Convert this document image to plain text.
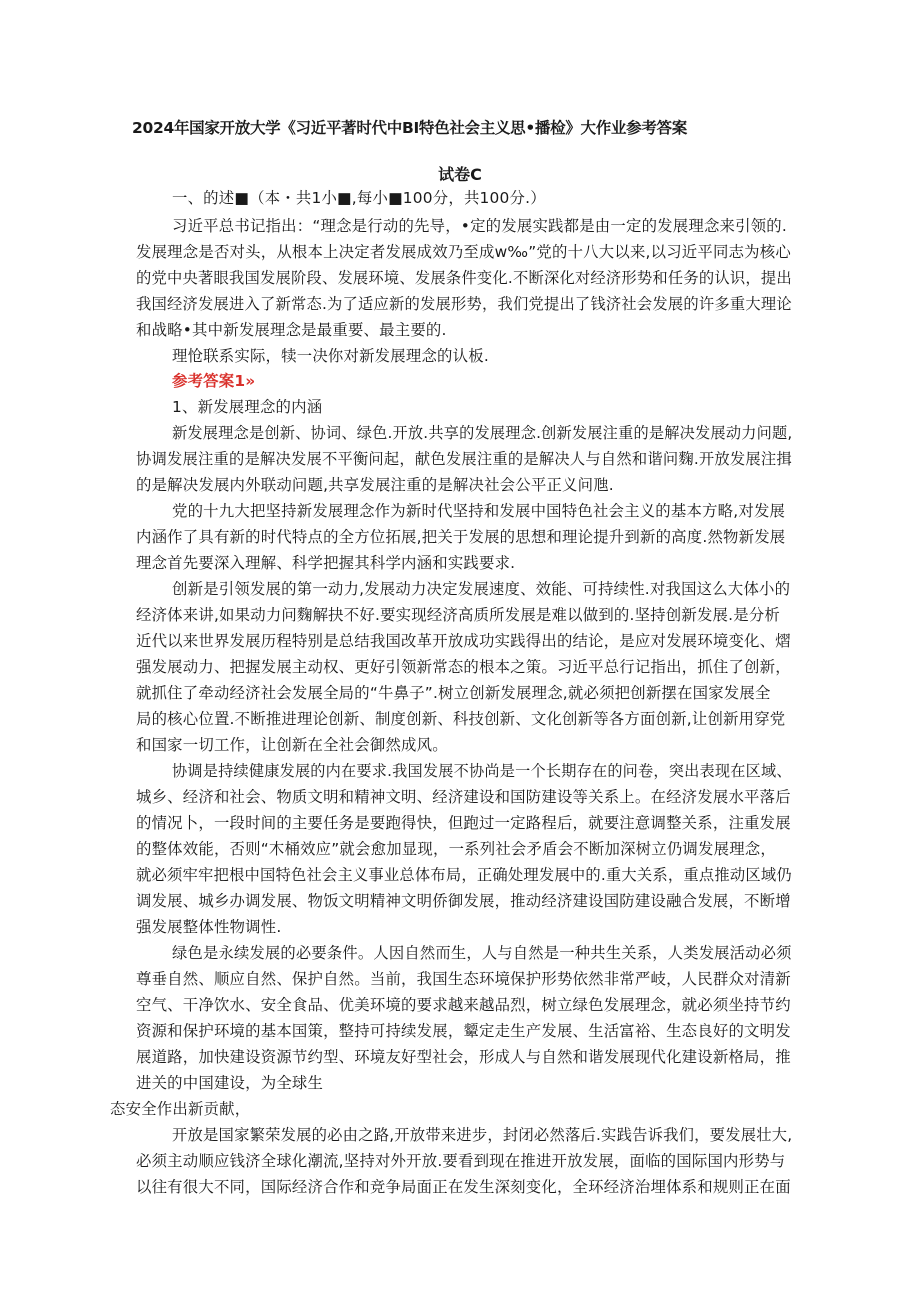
2024年国家开放大学《习近平著时代中BI特色社会主义思•播检》大作业参考答案
试卷C
一、的述■（本・共1小■,每小■100分，共100分.）
习近平总书记指出：“理念是行动的先导，•定的发展实践都是由一定的发展理念来引领的.
发展理念是否对头，从根本上决定者发展成效乃至成w‰”党的十八大以来,以习近平同志为核心
的党中央著眼我国发展阶段、发展环境、发展条件变化.不断深化对经济形势和任务的认识，提出
我国经济发展进入了新常态.为了适应新的发展形势，我们党提出了钱济社会发展的许多重大理论
和战略•其中新发展理念是最重要、最主要的.
理怆联系实际，犊一决你对新发展理念的认板.
参考答案1»
1、新发展理念的内涵
新发展理念是创新、协词、绿色.开放.共享的发展理念.创新发展注重的是解决发展动力问题,
协调发展注重的是解决发展不平衡问起，献色发展注重的是解决人与自然和谐问麴.开放发展注揖
的是解决发展内外联动问题,共享发展注重的是解决社会公平正义问虺.
党的十九大把坚持新发展理念作为新时代坚持和发展中国特色社会主义的基本方略,对发展
内涵作了具有新的时代特点的全方位拓展,把关于发展的思想和理论提升到新的高度.然物新发展
理念首先要深入理解、科学把握其科学内涵和实践要求.
创新是引领发展的第一动力,发展动力决定发展速度、效能、可持续性.对我国这么大体小的
经济体来讲,如果动力问麴解抉不好.要实现经济高质所发展是难以做到的.坚持创新发展.是分析
近代以来世界发展历程特别是总结我国改革开放成功实践得出的结论，是应对发展环境变化、熠
强发展动力、把握发展主动权、更好引领新常态的根本之策。习近平总行记指出，抓住了创新，
就抓住了牵动经济社会发展全局的“牛鼻子”.树立创新发展理念,就必须把创新摆在国家发展全
局的核心位置.不断推进理论创新、制度创新、科技创新、文化创新等各方面创新,让创新用穿党
和国家一切工作，让创新在全社会御然成风。
协调是持续健康发展的内在要求.我国发展不协尚是一个长期存在的问卷，突出表现在区域、
城乡、经济和社会、物质文明和精神文明、经济建设和国防建设等关系上。在经济发展水平落后
的情况卜，一段时间的主要任务是要跑得快，但跑过一定路程后，就要注意调整关系，注重发展
的整体效能，否则“木桶效应”就会愈加显现，一系列社会矛盾会不断加深树立仍调发展理念，
就必须牢牢把根中国特色社会主义事业总体布局，正确处理发展中的.重大关系，重点推动区域仍
调发展、城乡办调发展、物饭文明精神文明侨御发展，推动经济建设国防建设融合发展，不断增
强发展整体性物调性.
绿色是永续发展的必要条件。人因自然而生，人与自然是一种共生关系，人类发展活动必须
尊垂自然、顺应自然、保护自然。当前，我国生态环境保护形势依然非常严岐，人民群众对清新
空气、干净饮水、安全食品、优美环境的要求越来越品烈，树立绿色发展理念，就必须坐持节约
资源和保护环境的基本国策，整持可持续发展，颦定走生产发展、生活富裕、生态良好的文明发
展道路，加快建设资源节约型、环境友好型社会，形成人与自然和谐发展现代化建设新格局，推
进关的中国建设，为全球生
态安全作出新贡献，
开放是国家繁荣发展的必由之路,开放带来进步，封闭必然落后.实践告诉我们，要发展壮大,
必须主动顺应钱济全球化潮流,坚持对外开放.要看到现在推进开放发展，面临的国际国内形势与
以往有很大不同，国际经济合作和竞争局面正在发生深刻变化，全环经济治埋体系和规则正在面
